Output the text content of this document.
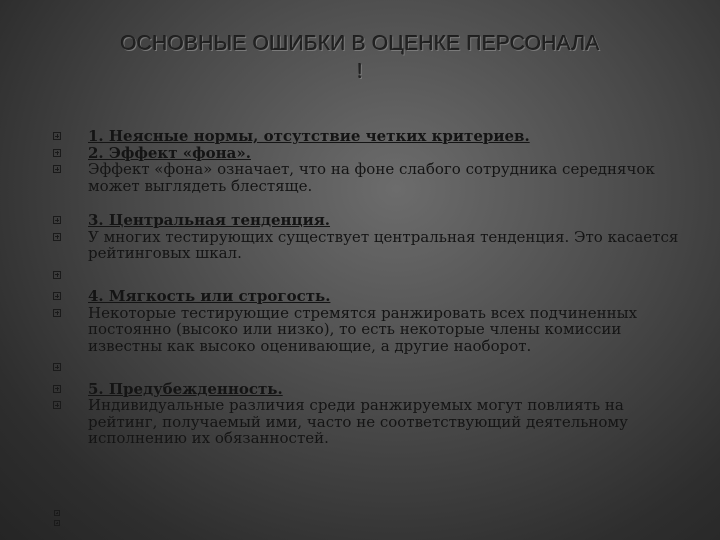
ОСНОВНЫЕ ОШИБКИ В ОЦЕНКЕ ПЕРСОНАЛА
!
1. Неясные нормы, отсутствие четких критериев.
2. Эффект «фона».
Эффект «фона» означает, что на фоне слабого сотрудника середнячок может выглядеть блестяще.
3. Центральная тенденция.
У многих тестирующих существует центральная тенденция. Это касается рейтинговых шкал.
4. Мягкость или строгость.
Некоторые тестирующие стремятся ранжировать всех подчиненных постоянно (высоко или низко), то есть некоторые члены комиссии известны как высоко оценивающие, а другие наоборот.
5. Предубежденность.
Индивидуальные различия среди ранжируемых могут повлиять на рейтинг, получаемый ими, часто не соответствующий деятельному исполнению их обязанностей.
